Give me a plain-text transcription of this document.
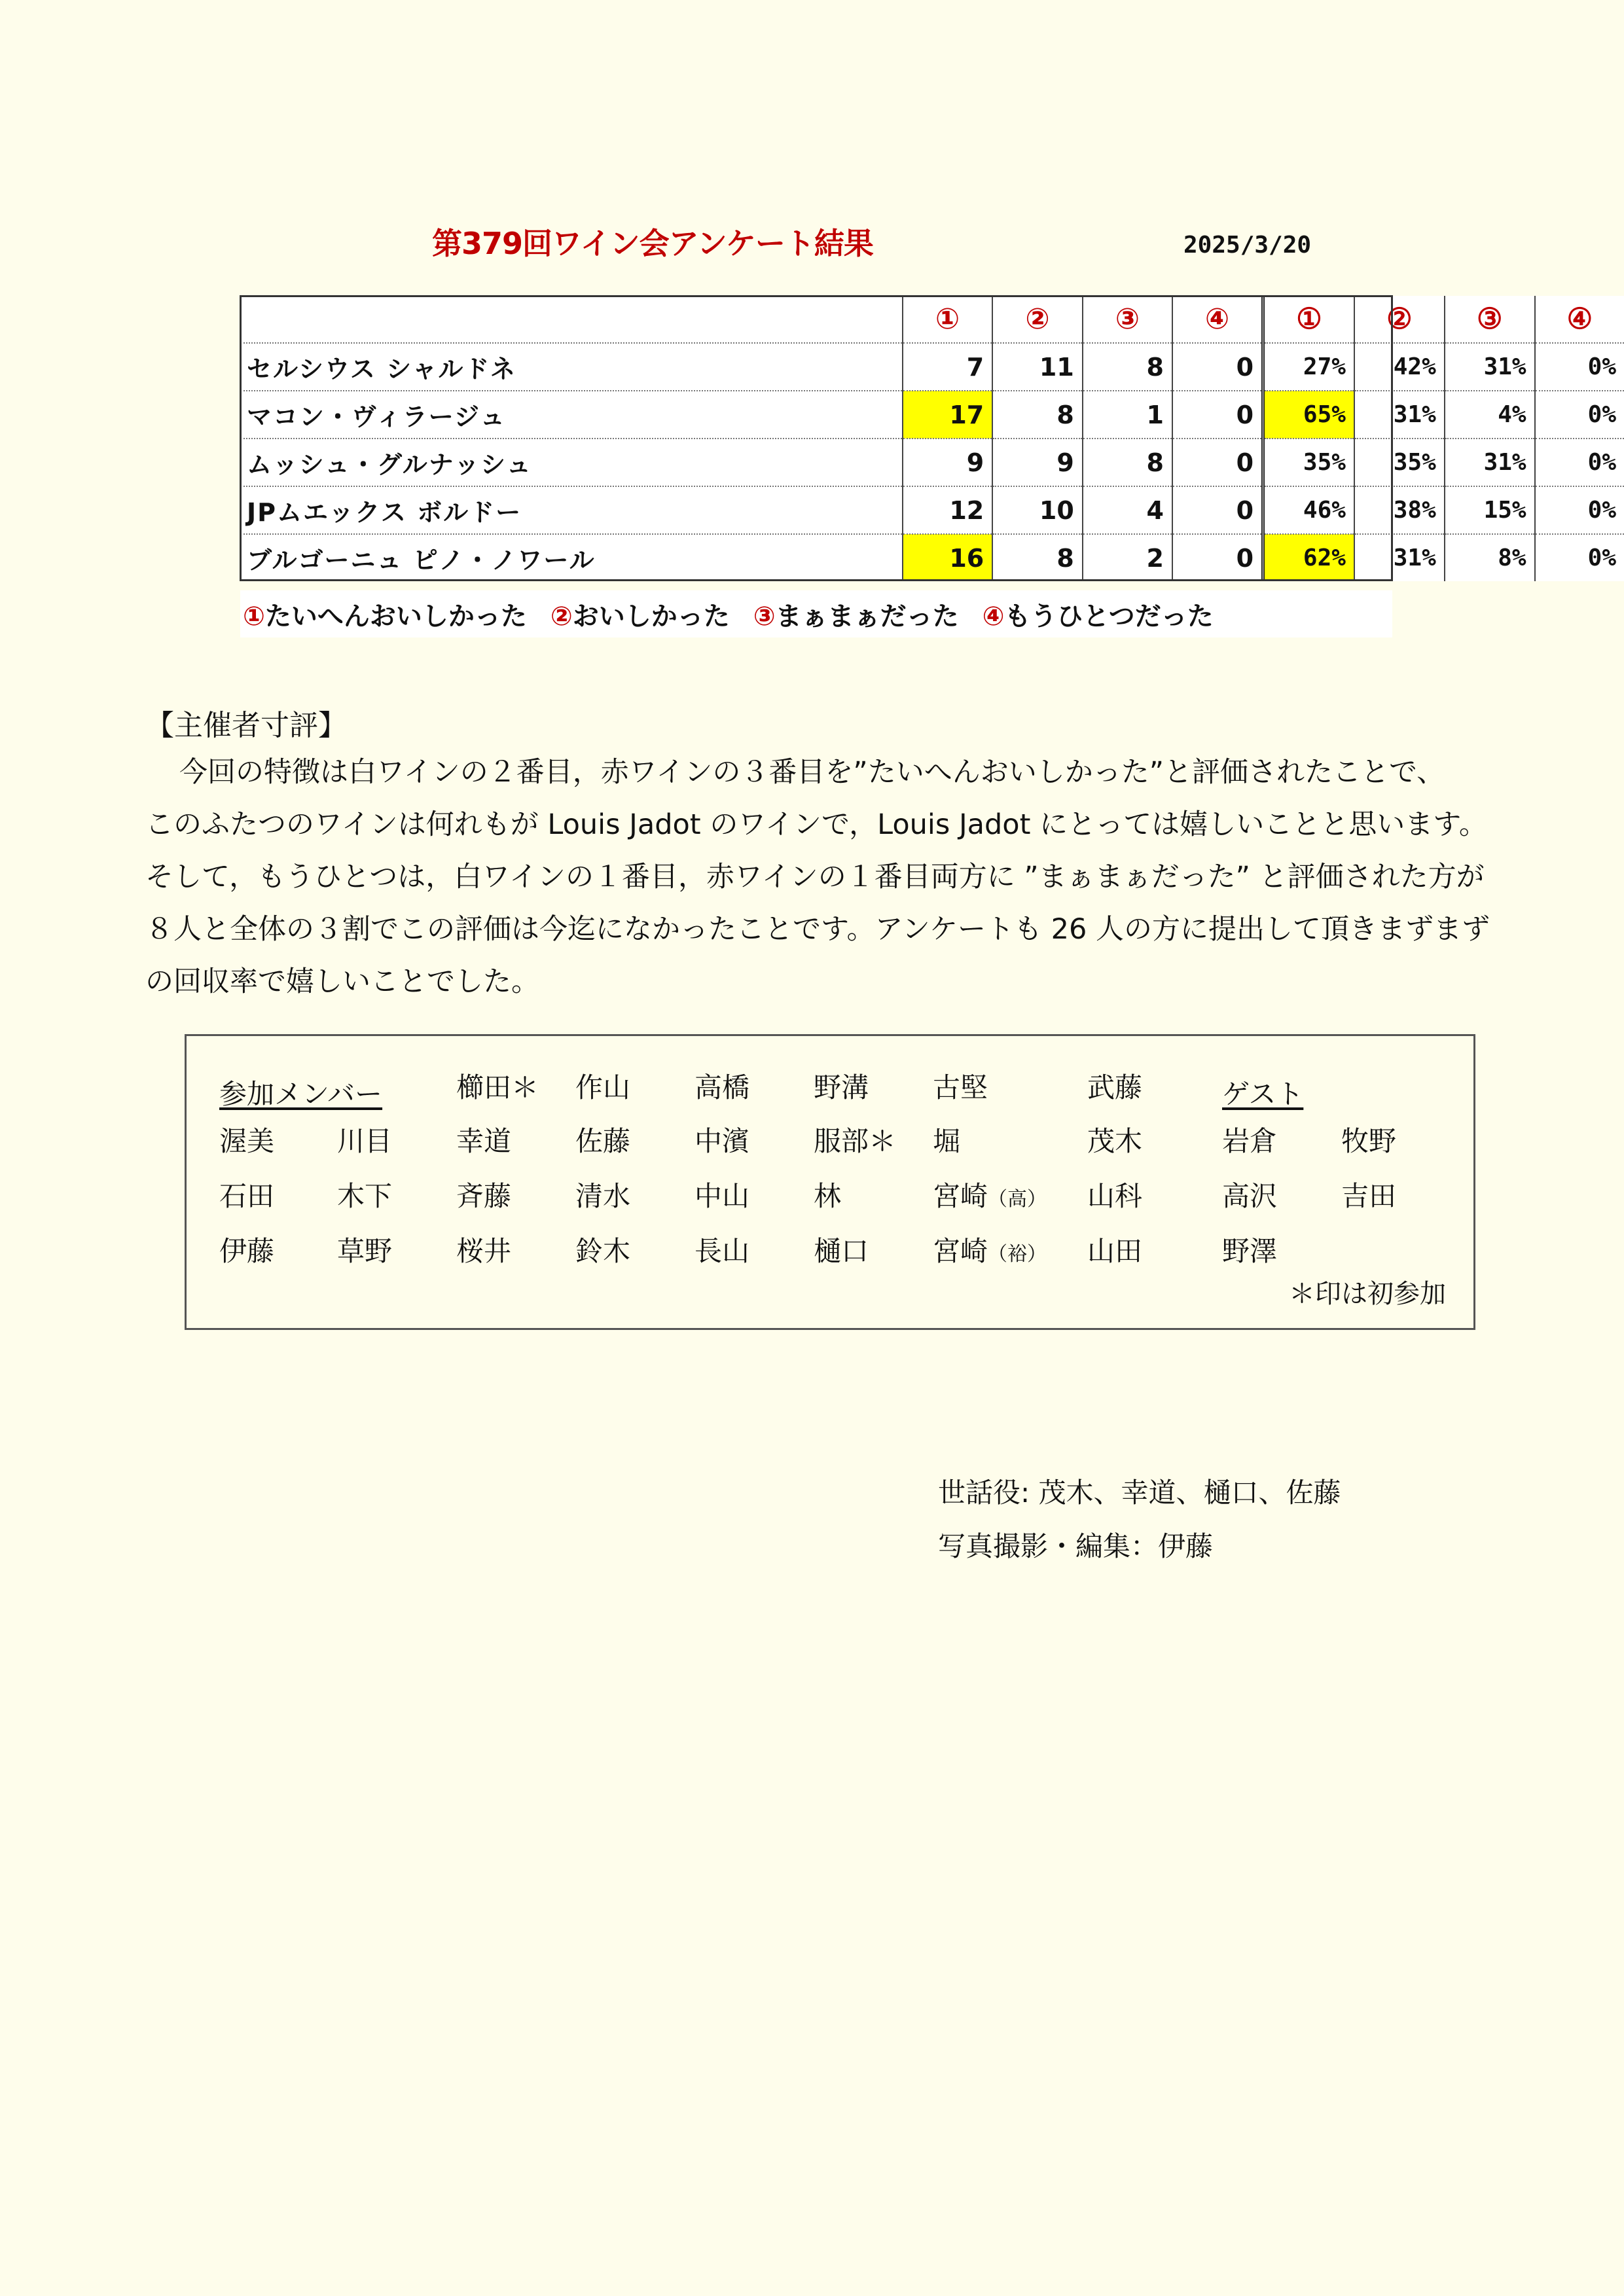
第379回ワイン会アンケート結果	2025/3/20
	①	②	③	④	①	②	③	④
セルシウス シャルドネ	7	11	8	0	27%	42%	31%	0%
マコン・ヴィラージュ	17	8	1	0	65%	31%	4%	0%
ムッシュ・グルナッシュ	9	9	8	0	35%	35%	31%	0%
JPムエックス ボルドー	12	10	4	0	46%	38%	15%	0%
ブルゴーニュ ピノ・ノワール	16	8	2	0	62%	31%	8%	0%
①たいへんおいしかった ②おいしかった ③まぁまぁだった ④もうひとつだった
【主催者寸評】

今回の特徴は白ワインの２番目，赤ワインの３番目を”たいへんおいしかった”と評価されたことで、

このふたつのワインは何れもが Louis Jadot のワインで，Louis Jadot にとっては嬉しいことと思います。

そして，もうひとつは，白ワインの１番目，赤ワインの１番目両方に ”まぁまぁだった” と評価された方が

８人と全体の３割でこの評価は今迄になかったことです。アンケートも 26 人の方に提出して頂きまずまず

の回収率で嬉しいことでした。

参加メンバー	櫛田＊ 作山 高橋 野溝 古堅	武藤	ゲスト
渥美 川目 幸道 佐藤 中濱 服部＊ 堀	茂木	岩倉 牧野
石田 木下 斉藤 清水 中山 林	宮崎（高） 山科	高沢 吉田
伊藤 草野 桜井 鈴木 長山 樋口 宮崎（裕） 山田	野澤
＊印は初参加
世話役: 茂木、幸道、樋口、佐藤
写真撮影・編集：伊藤
